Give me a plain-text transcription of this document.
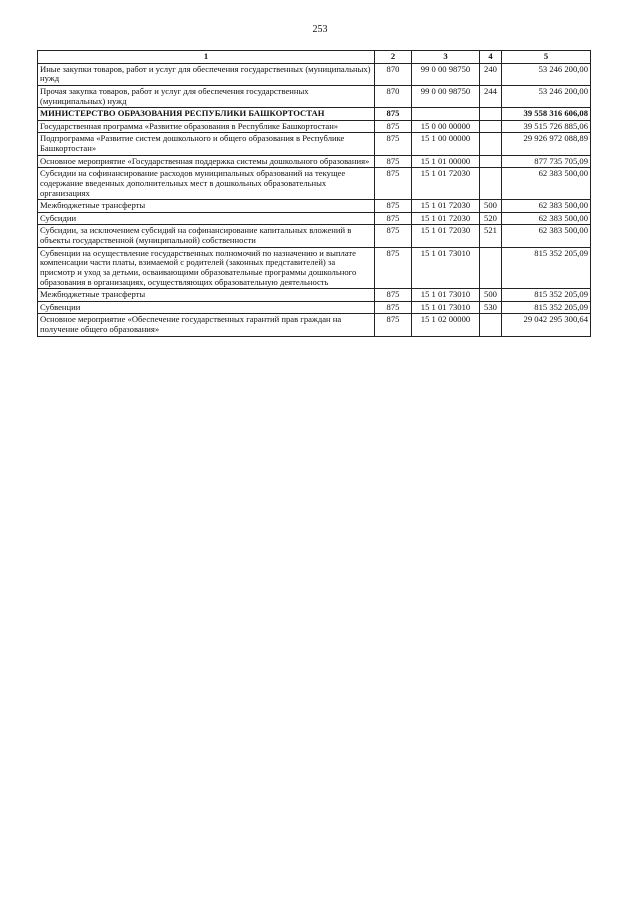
253
1	2	3	4	5
Иные закупки товаров, работ и услуг для обеспечения государственных (муниципальных) нужд	870	99 0 00 98750	240	53 246 200,00
Прочая закупка товаров, работ и услуг для обеспечения государственных (муниципальных) нужд	870	99 0 00 98750	244	53 246 200,00
МИНИСТЕРСТВО ОБРАЗОВАНИЯ РЕСПУБЛИКИ БАШКОРТОСТАН	875			39 558 316 606,08
Государственная программа «Развитие образования в Республике Башкортостан»	875	15 0 00 00000		39 515 726 885,06
Подпрограмма «Развитие систем дошкольного и общего образования в Республике Башкортостан»	875	15 1 00 00000		29 926 972 088,89
Основное мероприятие «Государственная поддержка системы дошкольного образования»	875	15 1 01 00000		877 735 705,09
Субсидии на софинансирование расходов муниципальных образований на текущее содержание введенных дополнительных мест в дошкольных образовательных организациях	875	15 1 01 72030		62 383 500,00
Межбюджетные трансферты	875	15 1 01 72030	500	62 383 500,00
Субсидии	875	15 1 01 72030	520	62 383 500,00
Субсидии, за исключением субсидий на софинансирование капитальных вложений в объекты государственной (муниципальной) собственности	875	15 1 01 72030	521	62 383 500,00
Субвенции на осуществление государственных полномочий по назначению и выплате компенсации части платы, взимаемой с родителей (законных представителей) за присмотр и уход за детьми, осваивающими образовательные программы дошкольного образования в организациях, осуществляющих образовательную деятельность	875	15 1 01 73010		815 352 205,09
Межбюджетные трансферты	875	15 1 01 73010	500	815 352 205,09
Субвенции	875	15 1 01 73010	530	815 352 205,09
Основное мероприятие «Обеспечение государственных гарантий прав граждан на получение общего образования»	875	15 1 02 00000		29 042 295 300,64
